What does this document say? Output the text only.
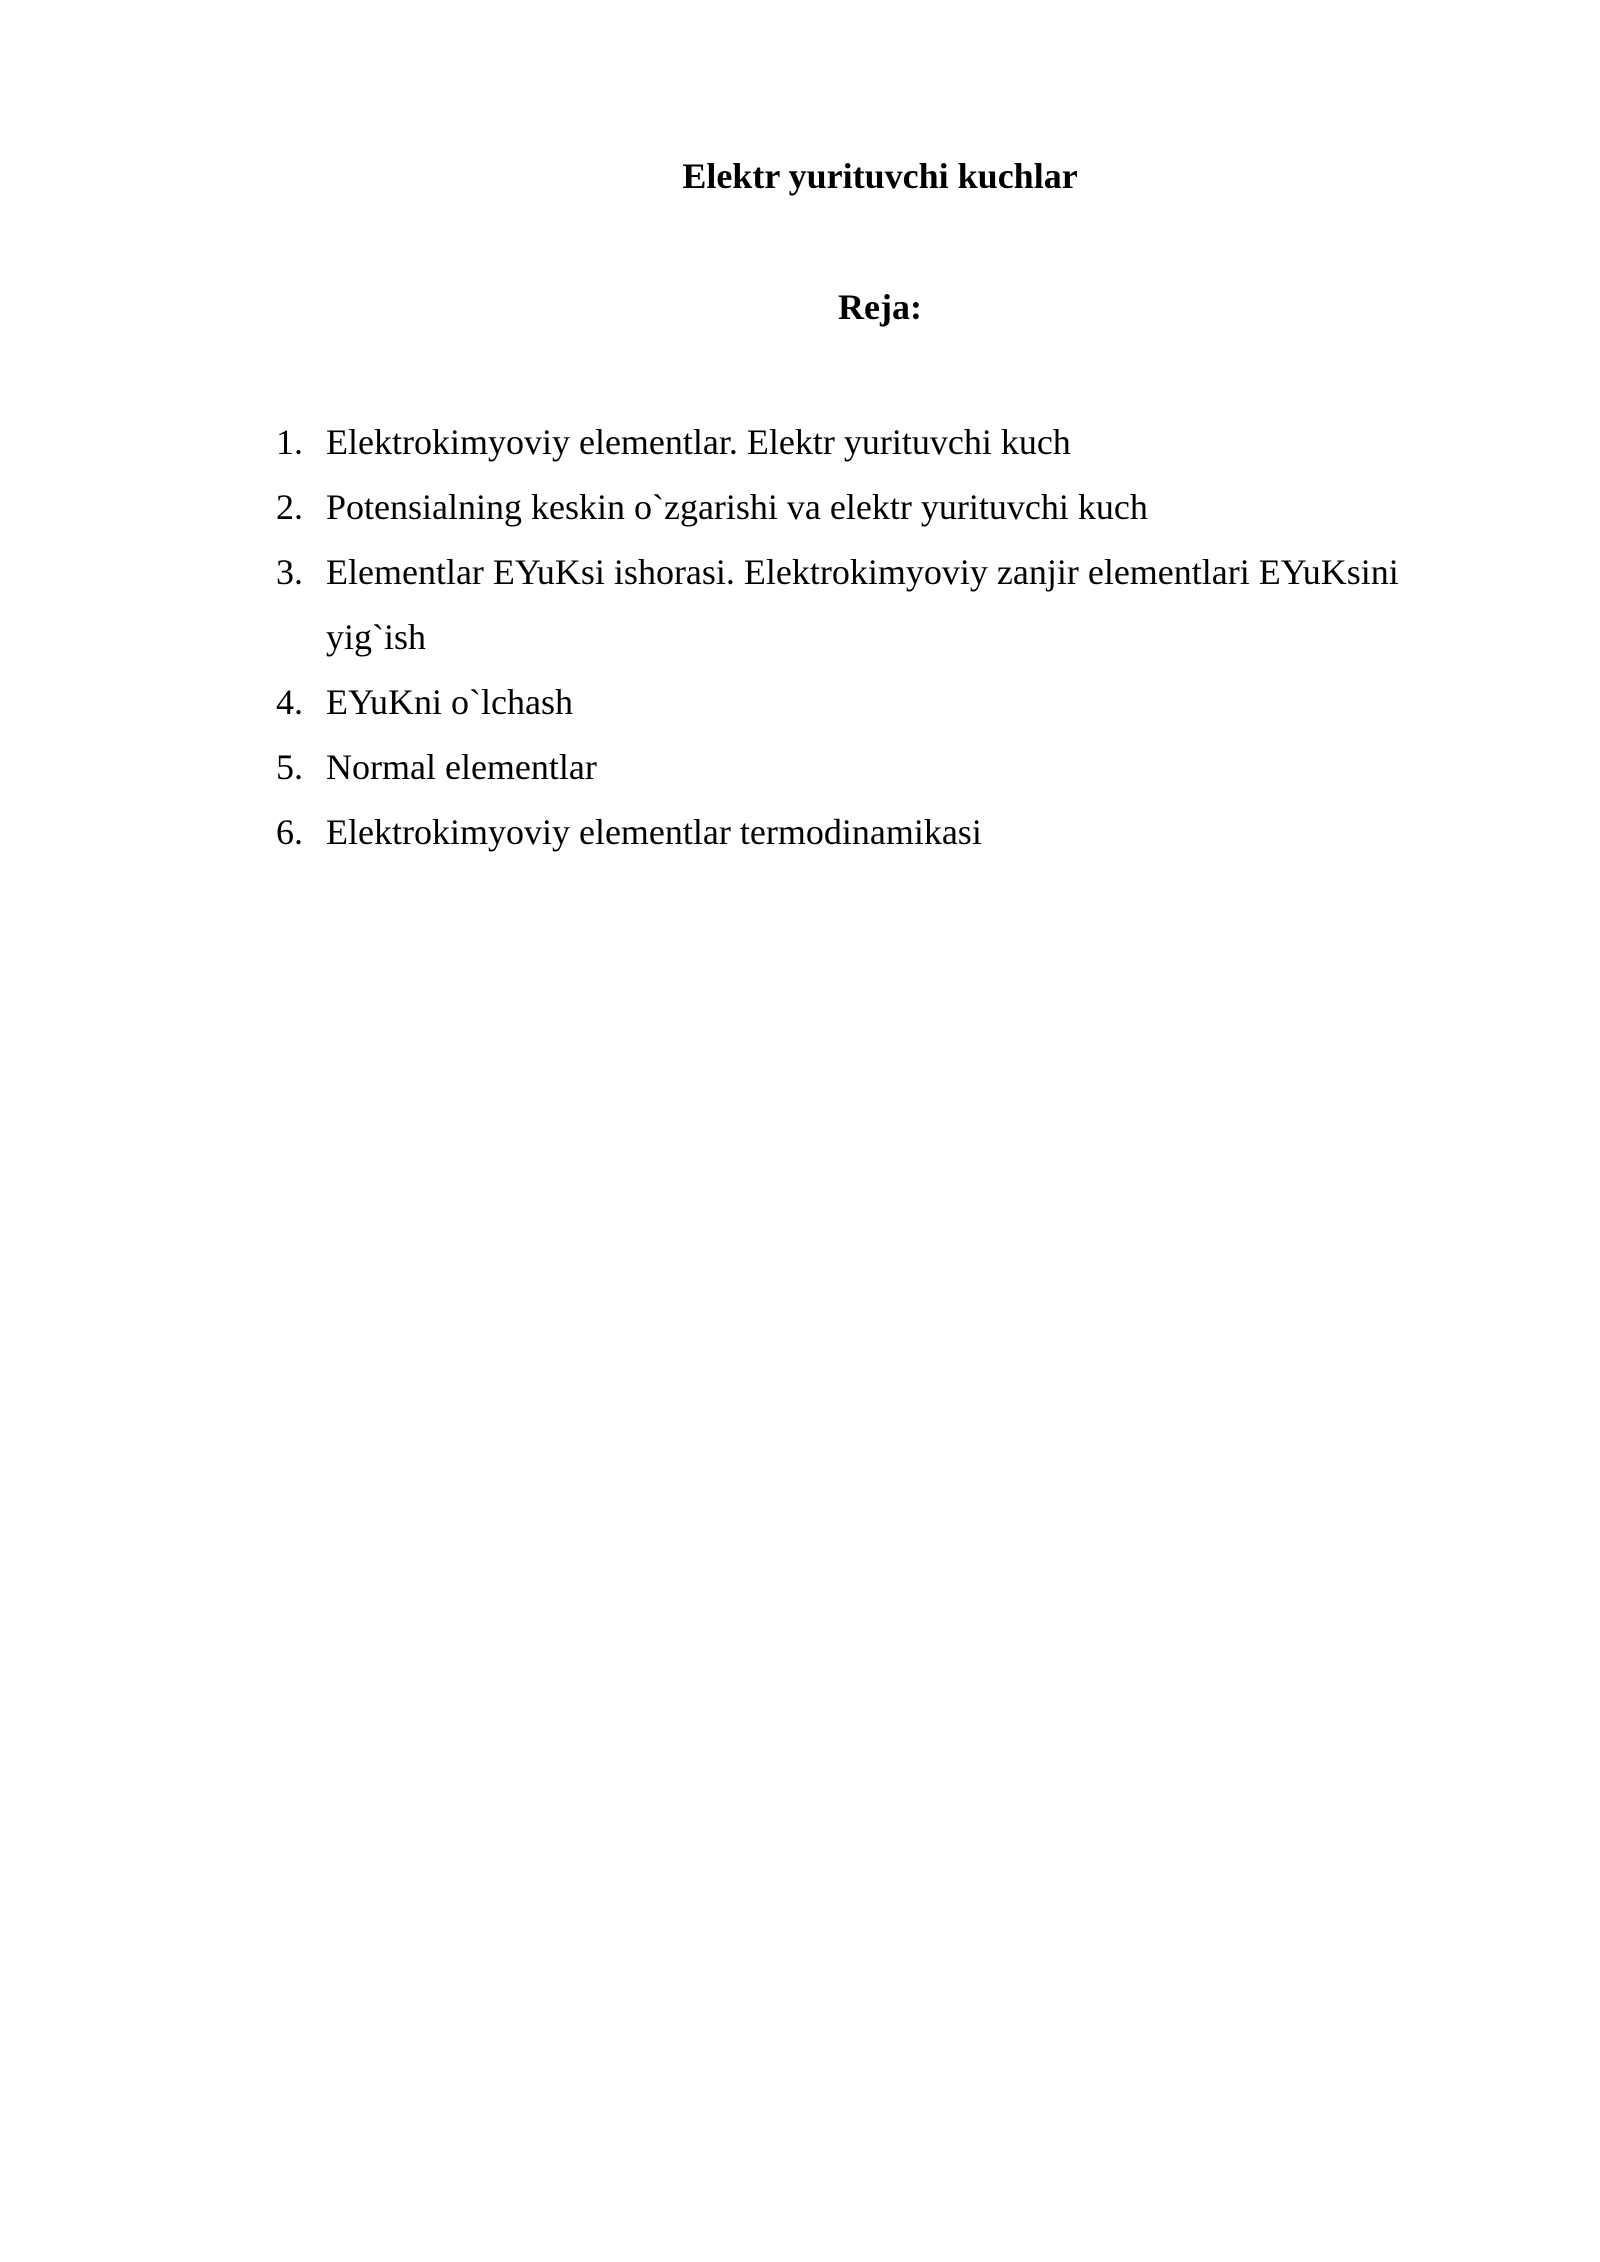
Elektr yurituvchi kuchlar
Reja:
1. Elektrokimyoviy elementlar. Elektr yurituvchi kuch
2. Potensialning keskin o`zgarishi va elektr yurituvchi kuch
3. Elementlar EYuKsi ishorasi. Elektrokimyoviy zanjir elementlari EYuKsini yig`ish
4. EYuKni o`lchash
5. Normal elementlar
6. Elektrokimyoviy elementlar termodinamikasi
